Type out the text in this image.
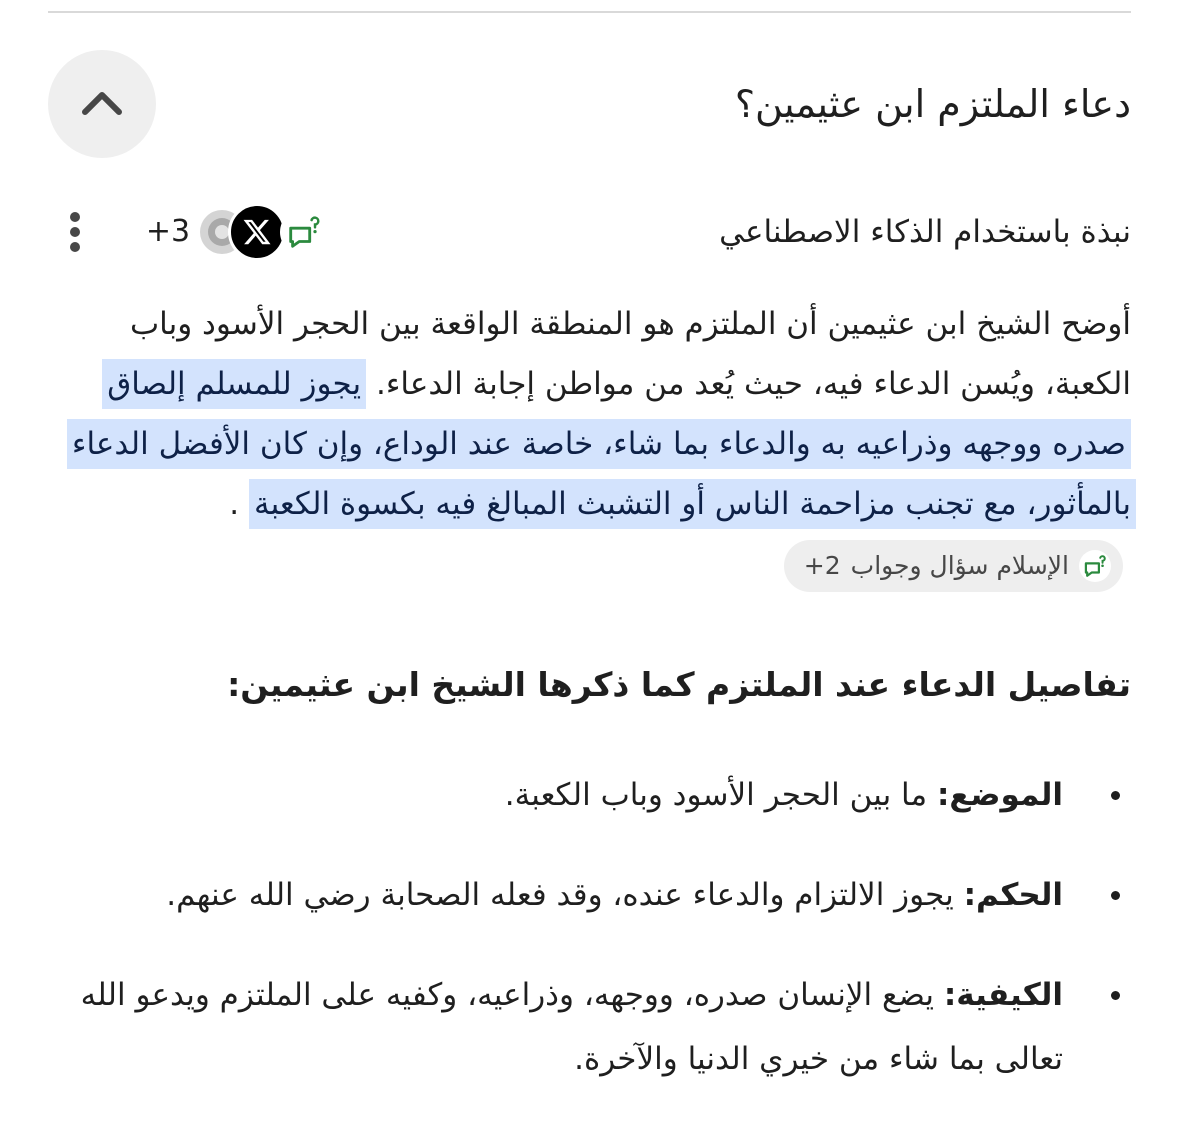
دعاء الملتزم ابن عثيمين؟
نبذة باستخدام الذكاء الاصطناعي
+3

أوضح الشيخ ابن عثيمين أن الملتزم هو المنطقة الواقعة بين الحجر الأسود وباب الكعبة، ويُسن الدعاء فيه، حيث يُعد من مواطن إجابة الدعاء. يجوز للمسلم إلصاق صدره ووجهه وذراعيه به والدعاء بما شاء، خاصة عند الوداع، وإن كان الأفضل الدعاء بالمأثور، مع تجنب مزاحمة الناس أو التشبث المبالغ فيه بكسوة الكعبة .
الإسلام سؤال وجواب
+2

تفاصيل الدعاء عند الملتزم كما ذكرها الشيخ ابن عثيمين:
الموضع: ما بين الحجر الأسود وباب الكعبة.
الحكم: يجوز الالتزام والدعاء عنده، وقد فعله الصحابة رضي الله عنهم.
الكيفية: يضع الإنسان صدره، ووجهه، وذراعيه، وكفيه على الملتزم ويدعو الله تعالى بما شاء من خيري الدنيا والآخرة.
